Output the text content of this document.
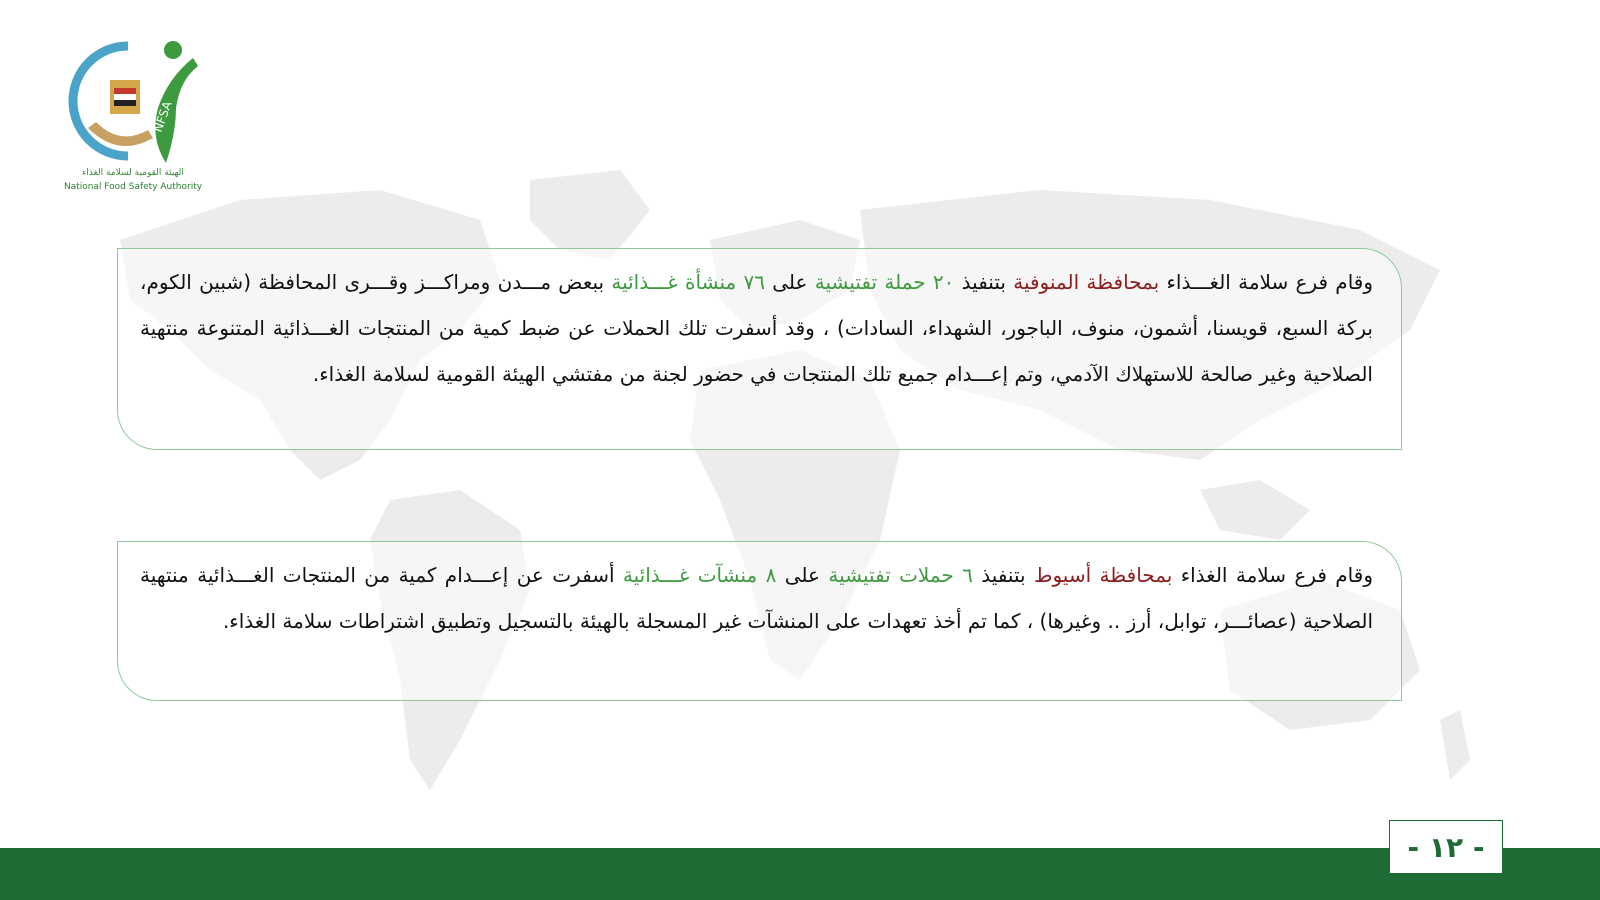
NFSA
الهيئة القومية لسلامة الغذاء
National Food Safety Authority
وقام فرع سلامة الغـــذاء بمحافظة المنوفية بتنفيذ ٢٠ حملة تفتيشية على ٧٦ منشأة غـــذائية ببعض مـــدن ومراكـــز وقـــرى المحافظة (شبين الكوم، بركة السبع، قويسنا، أشمون، منوف، الباجور، الشهداء، السادات) ، وقد أسفرت تلك الحملات عن ضبط كمية من المنتجات الغـــذائية المتنوعة منتهية الصلاحية وغير صالحة للاستهلاك الآدمي، وتم إعـــدام جميع تلك المنتجات في حضور لجنة من مفتشي الهيئة القومية لسلامة الغذاء.
وقام فرع سلامة الغذاء بمحافظة أسيوط بتنفيذ ٦ حملات تفتيشية على ٨ منشآت غـــذائية أسفرت عن إعـــدام كمية من المنتجات الغـــذائية منتهية الصلاحية (عصائـــر، توابل، أرز .. وغيرها) ، كما تم أخذ تعهدات على المنشآت غير المسجلة بالهيئة بالتسجيل وتطبيق اشتراطات سلامة الغذاء.
- ١٢ -
